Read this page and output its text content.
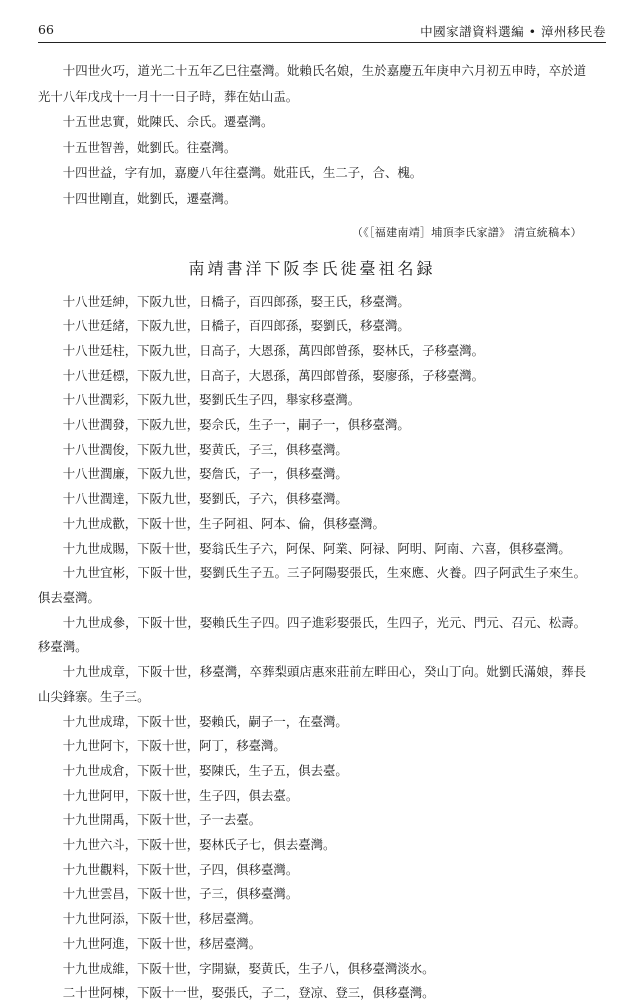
66	中國家譜資料選編 • 漳州移民卷

十四世火巧，道光二十五年乙巳往臺灣。妣賴氏名娘，生於嘉慶五年庚申六月初五申時，卒於道光十八年戊戌十一月十一日子時，葬在姑山盂。

十五世忠實，妣陳氏、佘氏。遷臺灣。

十五世智善，妣劉氏。往臺灣。

十四世益，字有加，嘉慶八年往臺灣。妣莊氏，生二子，合、槐。

十四世剛直，妣劉氏，遷臺灣。

（《［福建南靖］埔頂李氏家譜》 清宣統稿本）
南靖書洋下阪李氏徙臺祖名録

十八世廷紳，下阪九世，日橋子，百四郎孫，娶王氏，移臺灣。

十八世廷緒，下阪九世，日橋子，百四郎孫，娶劉氏，移臺灣。

十八世廷柱，下阪九世，日高子，大恩孫，萬四郎曾孫，娶林氏，子移臺灣。

十八世廷標，下阪九世，日高子，大恩孫，萬四郎曾孫，娶廖孫，子移臺灣。

十八世潤彩，下阪九世，娶劉氏生子四，舉家移臺灣。

十八世潤發，下阪九世，娶佘氏，生子一，嗣子一，俱移臺灣。

十八世潤俊，下阪九世，娶黄氏，子三，俱移臺灣。

十八世潤廉，下阪九世，娶詹氏，子一，俱移臺灣。

十八世潤達，下阪九世，娶劉氏，子六，俱移臺灣。

十九世成歡，下阪十世，生子阿祖、阿本、倫，俱移臺灣。

十九世成賜，下阪十世，娶翁氏生子六，阿保、阿業、阿禄、阿明、阿南、六喜，俱移臺灣。

十九世宜彬，下阪十世，娶劉氏生子五。三子阿陽娶張氏，生來應、火養。四子阿武生子來生。俱去臺灣。

十九世成參，下阪十世，娶賴氏生子四。四子進彩娶張氏，生四子，光元、門元、召元、松壽。移臺灣。

十九世成章，下阪十世，移臺灣，卒葬梨頭店惠來莊前左畔田心，癸山丁向。妣劉氏滿娘，葬長山尖鋒寨。生子三。

十九世成瑋，下阪十世，娶賴氏，嗣子一，在臺灣。

十九世阿卞，下阪十世，阿丁，移臺灣。

十九世成倉，下阪十世，娶陳氏，生子五，俱去臺。

十九世阿甲，下阪十世，生子四，俱去臺。

十九世開禹，下阪十世，子一去臺。

十九世六斗，下阪十世，娶林氏子七，俱去臺灣。

十九世觀料，下阪十世，子四，俱移臺灣。

十九世雲昌，下阪十世，子三，俱移臺灣。

十九世阿添，下阪十世，移居臺灣。

十九世阿進，下阪十世，移居臺灣。

十九世成維，下阪十世，字開嶽，娶黄氏，生子八，俱移臺灣淡水。

二十世阿棟，下阪十一世，娶張氏，子二，登凉、登三，俱移臺灣。
